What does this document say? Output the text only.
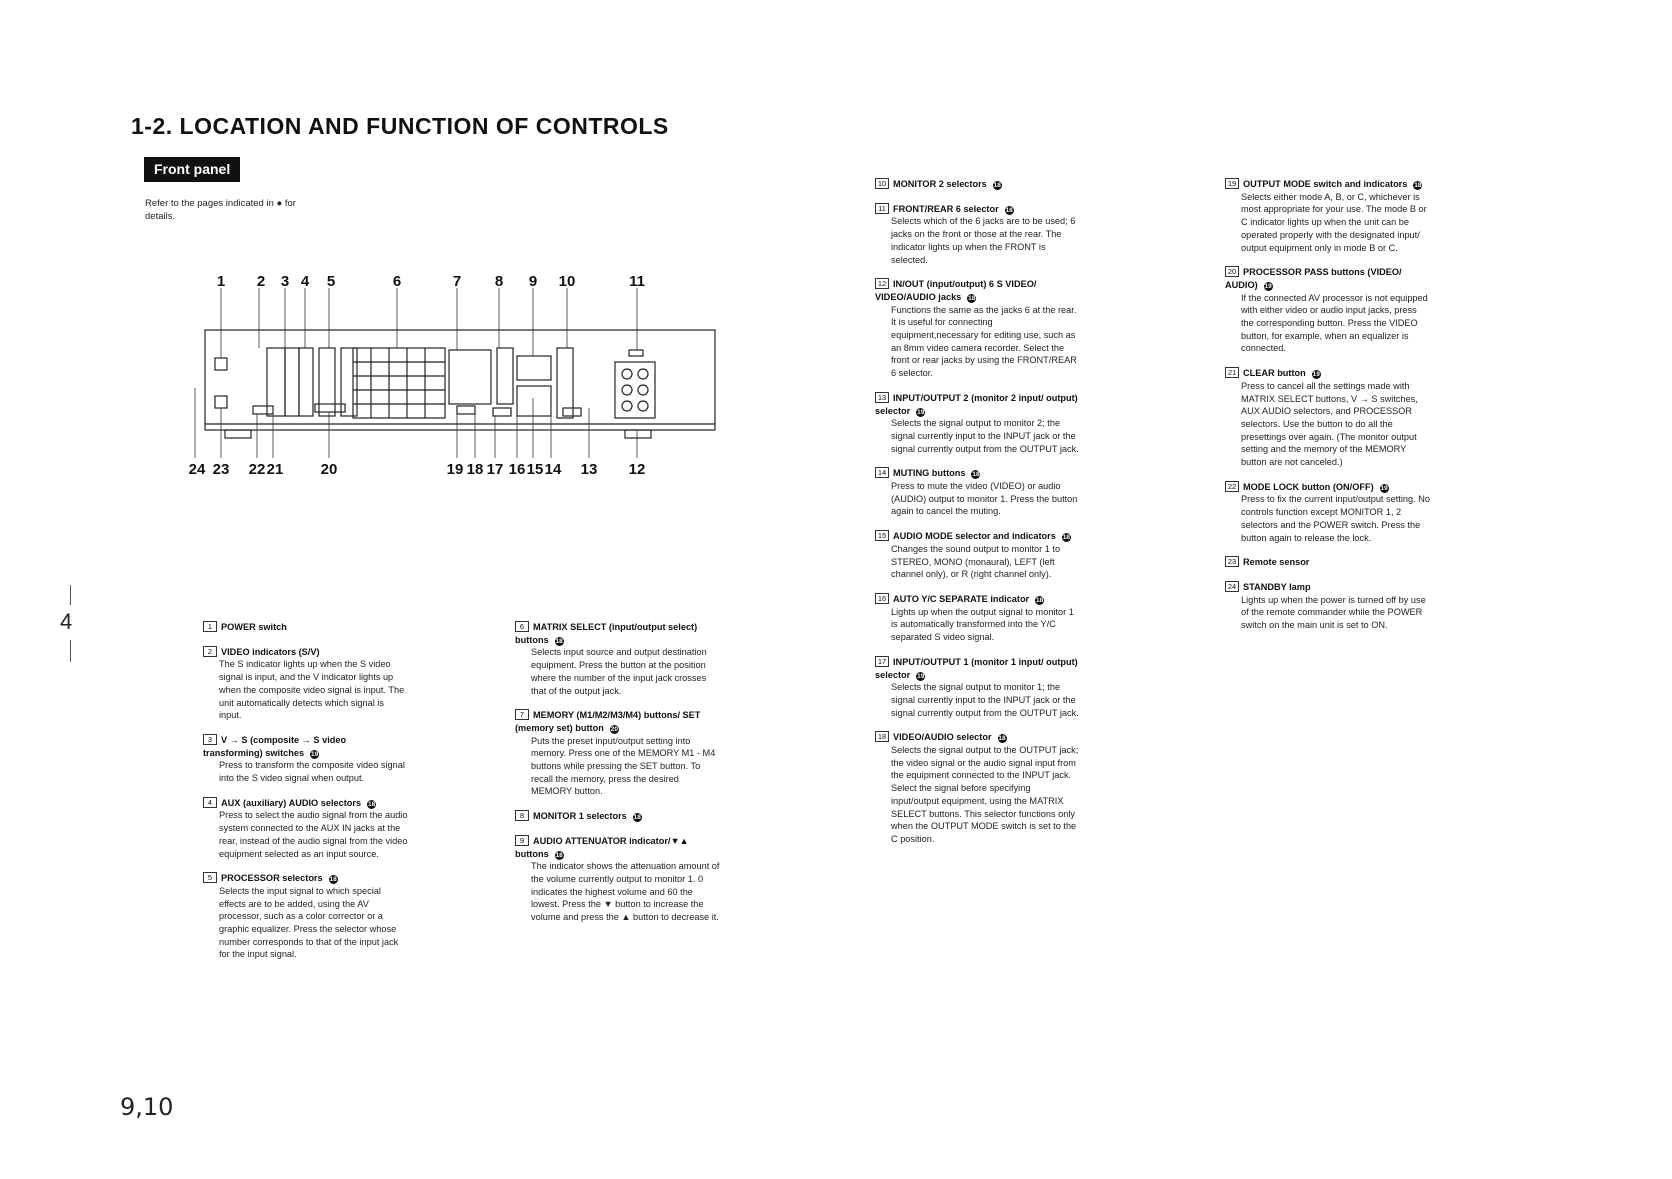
1-2. LOCATION AND FUNCTION OF CONTROLS
Front panel
Refer to the pages indicated in ● for details.
1 2 3 4 5	6	7 8 9 10	11
24 23 22 21 20	19 18 17 16 15 14 13 12
4	1 POWER switch
2 VIDEO indicators (S/V)
The S indicator lights up when the S video signal is input, and the V indicator lights up when the composite video signal is input. The unit automatically detects which signal is input.
3 V → S (composite → S video transforming) switches 19
Press to transform the composite video signal into the S video signal when output.
4 AUX (auxiliary) AUDIO selectors 18
Press to select the audio signal from the audio system connected to the AUX IN jacks at the rear, instead of the audio signal from the video equipment selected as an input source.
5 PROCESSOR selectors 18
Selects the input signal to which special effects are to be added, using the AV processor, such as a color corrector or a graphic equalizer. Press the selector whose number corresponds to that of the input jack for the input signal.
6 MATRIX SELECT (input/output select) buttons 18
Selects input source and output destination equipment. Press the button at the position where the number of the input jack crosses that of the output jack.
7 MEMORY (M1/M2/M3/M4) buttons/ SET (memory set) button 20
Puts the preset input/output setting into memory. Press one of the MEMORY M1 - M4 buttons while pressing the SET button. To recall the memory, press the desired MEMORY button.
8 MONITOR 1 selectors 18
9 AUDIO ATTENUATOR indicator/▼▲ buttons 18
The indicator shows the attenuation amount of the volume currently output to monitor 1. 0 indicates the highest volume and 60 the lowest. Press the ▼ button to increase the volume and press the ▲ button to decrease it.
10 MONITOR 2 selectors 18
11 FRONT/REAR 6 selector 18
Selects which of the 6 jacks are to be used; 6 jacks on the front or those at the rear. The indicator lights up when the FRONT is selected.
12 IN/OUT (input/output) 6 S VIDEO/ VIDEO/AUDIO jacks 18
Functions the same as the jacks 6 at the rear. It is useful for connecting equipment,necessary for editing use, such as an 8mm video camera recorder. Select the front or rear jacks by using the FRONT/REAR 6 selector.
13 INPUT/OUTPUT 2 (monitor 2 input/ output) selector 19
Selects the signal output to monitor 2; the signal currently input to the INPUT jack or the signal currently output from the OUTPUT jack.
14 MUTING buttons 18
Press to mute the video (VIDEO) or audio (AUDIO) output to monitor 1. Press the button again to cancel the muting.
15 AUDIO MODE selector and indicators 18
Changes the sound output to monitor 1 to STEREO, MONO (monaural), LEFT (left channel only), or R (right channel only).
16 AUTO Y/C SEPARATE indicator 18
Lights up when the output signal to monitor 1 is automatically transformed into the Y/C separated S video signal.
17 INPUT/OUTPUT 1 (monitor 1 input/ output) selector 19
Selects the signal output to monitor 1; the signal currently input to the INPUT jack or the signal currently output from the OUTPUT jack.
18 VIDEO/AUDIO selector 18
Selects the signal output to the OUTPUT jack; the video signal or the audio signal input from the equipment connected to the INPUT jack. Select the signal before specifying input/output equipment, using the MATRIX SELECT buttons. This selector functions only when the OUTPUT MODE switch is set to the C position.
19 OUTPUT MODE switch and indicators 18
Selects either mode A, B, or C, whichever is most appropriate for your use. The mode B or C indicator lights up when the unit can be operated properly with the designated input/ output equipment only in mode B or C.
20 PROCESSOR PASS buttons (VIDEO/ AUDIO) 19
If the connected AV processor is not equipped with either video or audio input jacks, press the corresponding button. Press the VIDEO button, for example, when an equalizer is connected.
21 CLEAR button 19
Press to cancel all the settings made with MATRIX SELECT buttons, V → S switches, AUX AUDIO selectors, and PROCESSOR selectors. Use the button to do all the presettings over again. (The monitor output setting and the memory of the MEMORY button are not canceled.)
22 MODE LOCK button (ON/OFF) 19
Press to fix the current input/output setting. No controls function except MONITOR 1, 2 selectors and the POWER switch. Press the button again to release the lock.
23 Remote sensor
24 STANDBY lamp
Lights up when the power is turned off by use of the remote commander while the POWER switch on the main unit is set to ON.
9,10
